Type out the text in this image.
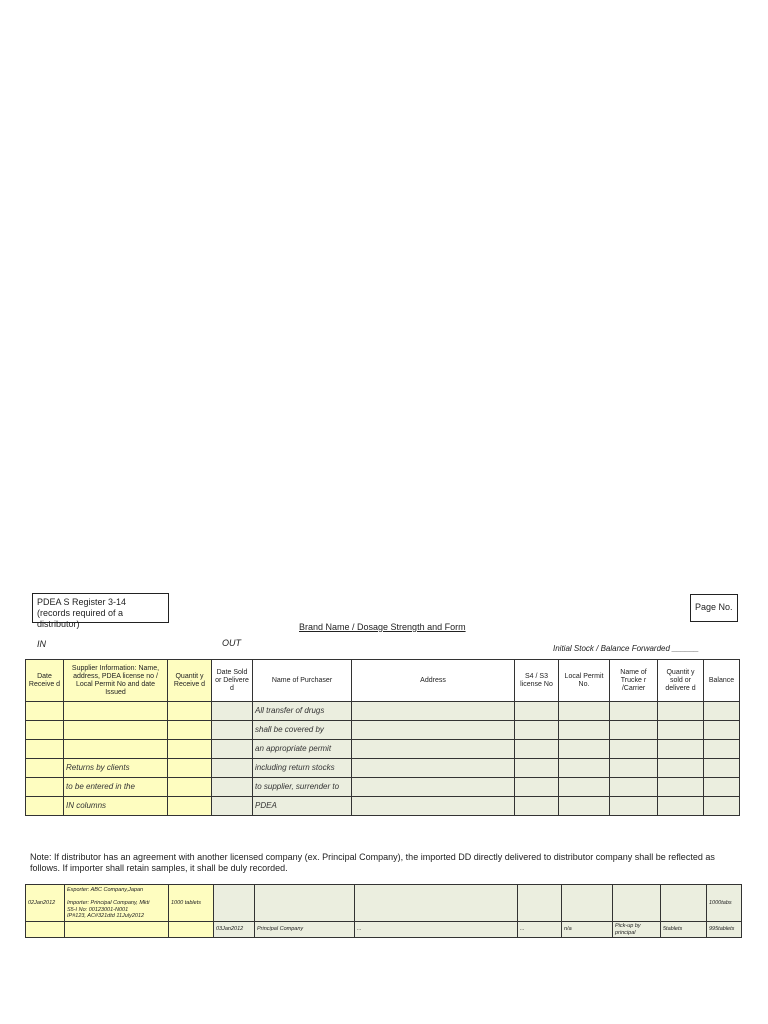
PDEA S Register 3-14
(records required of a distributor)
Page No.
Brand Name / Dosage Strength and Form
IN	OUT
Initial Stock / Balance Forwarded ______
Date Receive d	Supplier Information: Name, address, PDEA license no / Local Permit No and date Issued	Quantit y Receive d	Date Sold or Delivere d	Name of Purchaser	Address	S4 / S3 license No	Local Permit No.	Name of Trucke r /Carrier	Quantit y sold or delivere d	Balance
				All transfer of drugs						
				shall be covered by						
				an appropriate permit						
	Returns by clients			including return stocks						
	to be entered in the			to supplier, surrender to						
	IN columns			PDEA						
Note: If distributor has an agreement with another licensed company (ex. Principal Company), the imported DD directly delivered to distributor company shall be reflected as follows. If importer shall retain samples, it shall be duly recorded.
02Jan2012	Exporter: ABC Company,Japan
Importer: Principal Company, Mkti
S5-I No: 00123001-N001
IP#123, AC#321dtd 11July2012	1000 tablets								1000tabs
			03Jan2012	Principal Company	...	...	n/a	Pick-up by principal	5tablets	995tablets
